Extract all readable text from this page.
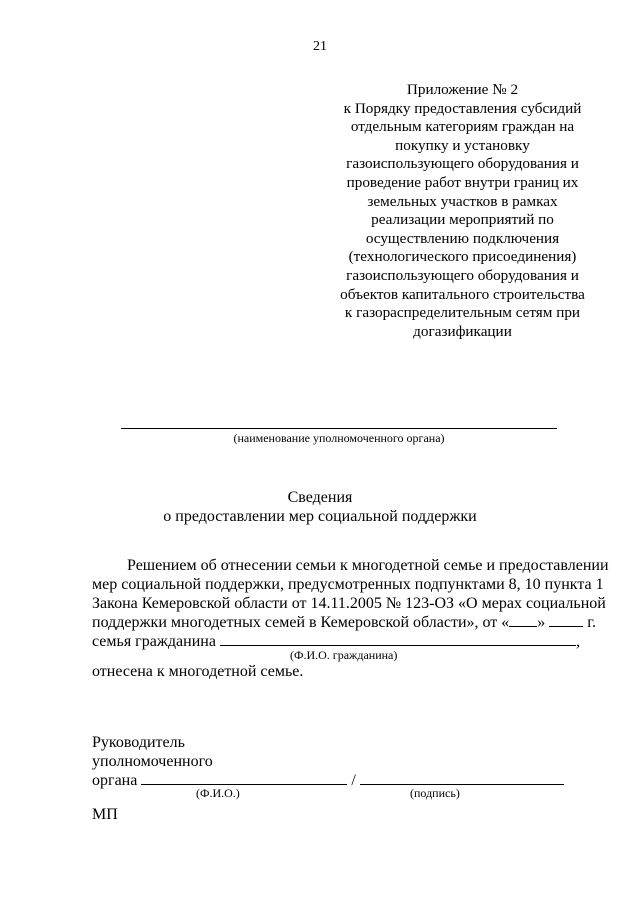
21
Приложение № 2
к Порядку предоставления субсидий
отдельным категориям граждан на
покупку и установку
газоиспользующего оборудования и
проведение работ внутри границ их
земельных участков в рамках
реализации мероприятий по
осуществлению подключения
(технологического присоединения)
газоиспользующего оборудования и
объектов капитального строительства
к газораспределительным сетям при
догазификации
(наименование уполномоченного органа)
Сведения
о предоставлении мер социальной поддержки
Решением об отнесении семьи к многодетной семье и предоставлении
мер социальной поддержки, предусмотренных подпунктами 8, 10 пункта 1
Закона Кемеровской области от 14.11.2005 № 123-ОЗ «О мерах социальной
поддержки многодетных семей в Кемеровской области», от « »  г.
семья гражданина	,
(Ф.И.О. гражданина)
отнесена к многодетной семье.
Руководитель
уполномоченного
органа	/
(Ф.И.О.)	(подпись)
МП
